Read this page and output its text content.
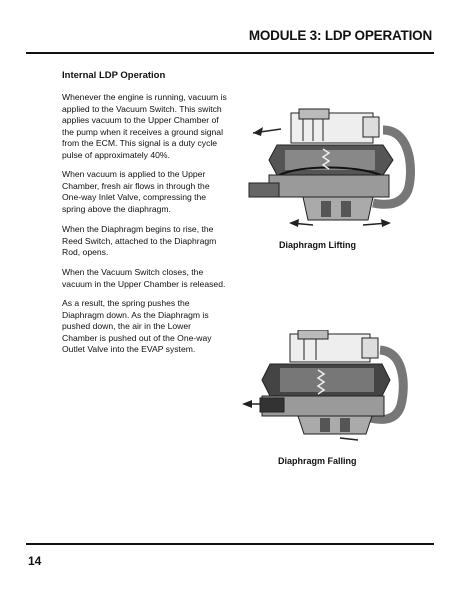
MODULE 3: LDP OPERATION
Internal LDP Operation

Whenever the engine is running, vacuum is applied to the Vacuum Switch. This switch applies vacuum to the Upper Chamber of the pump when it receives a ground signal from the ECM. This signal is a duty cycle pulse of approximately 40%.

When vacuum is applied to the Upper Chamber, fresh air flows in through the One-way Inlet Valve, compressing the spring above the diaphragm.

When the Diaphragm begins to rise, the Reed Switch, attached to the Diaphragm Rod, opens.

When the Vacuum Switch closes, the vacuum in the Upper Chamber is released.

As a result, the spring pushes the Diaphragm down. As the Diaphragm is pushed down, the air in the Lower Chamber is pushed out of the One-way Outlet Valve into the EVAP system.

Diaphragm Lifting
Diaphragm Falling
14
